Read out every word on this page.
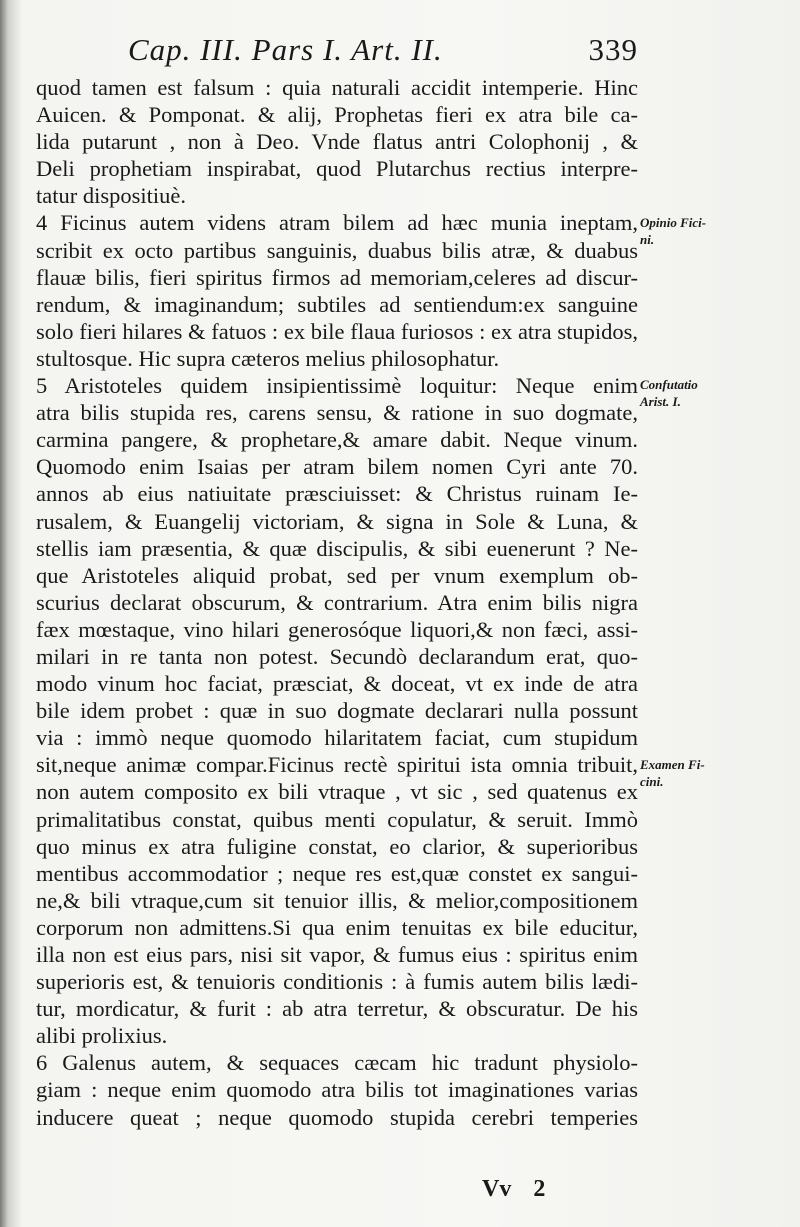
Cap. III. Pars I. Art. II.	339
quod tamen est falsum : quia naturali accidit intemperie. Hinc
Auicen. & Pomponat. & alij, Prophetas fieri ex atra bile ca-
lida putarunt , non à Deo. Vnde flatus antri Colophonij , &
Deli prophetiam inspirabat, quod Plutarchus rectius interpre-
tatur dispositiuè.
4 Ficinus autem videns atram bilem ad hæc munia ineptam,
scribit ex octo partibus sanguinis, duabus bilis atræ, & duabus
flauæ bilis, fieri spiritus firmos ad memoriam,celeres ad discur-
rendum, & imaginandum; subtiles ad sentiendum:ex sanguine
solo fieri hilares & fatuos : ex bile flaua furiosos : ex atra stupidos,
stultosque. Hic supra cæteros melius philosophatur.
5 Aristoteles quidem insipientissimè loquitur: Neque enim
atra bilis stupida res, carens sensu, & ratione in suo dogmate,
carmina pangere, & prophetare,& amare dabit. Neque vinum.
Quomodo enim Isaias per atram bilem nomen Cyri ante 70.
annos ab eius natiuitate præsciuisset: & Christus ruinam Ie-
rusalem, & Euangelij victoriam, & signa in Sole & Luna, &
stellis iam præsentia, & quæ discipulis, & sibi euenerunt ? Ne-
que Aristoteles aliquid probat, sed per vnum exemplum ob-
scurius declarat obscurum, & contrarium. Atra enim bilis nigra
fæx mœstaque, vino hilari generosóque liquori,& non fæci, assi-
milari in re tanta non potest. Secundò declarandum erat, quo-
modo vinum hoc faciat, præsciat, & doceat, vt ex inde de atra
bile idem probet : quæ in suo dogmate declarari nulla possunt
via : immò neque quomodo hilaritatem faciat, cum stupidum
sit,neque animæ compar.Ficinus rectè spiritui ista omnia tribuit,
non autem composito ex bili vtraque , vt sic , sed quatenus ex
primalitatibus constat, quibus menti copulatur, & seruit. Immò
quo minus ex atra fuligine constat, eo clarior, & superioribus
mentibus accommodatior ; neque res est,quæ constet ex sangui-
ne,& bili vtraque,cum sit tenuior illis, & melior,compositionem
corporum non admittens.Si qua enim tenuitas ex bile educitur,
illa non est eius pars, nisi sit vapor, & fumus eius : spiritus enim
superioris est, & tenuioris conditionis : à fumis autem bilis lædi-
tur, mordicatur, & furit : ab atra terretur, & obscuratur. De his
alibi prolixius.
6 Galenus autem, & sequaces cæcam hic tradunt physiolo-
giam : neque enim quomodo atra bilis tot imaginationes varias
inducere queat ; neque quomodo stupida cerebri temperies
Opinio Fici-
ni.
Confutatio
Arist. I.
Examen Fi-
cini.
Vv 2
